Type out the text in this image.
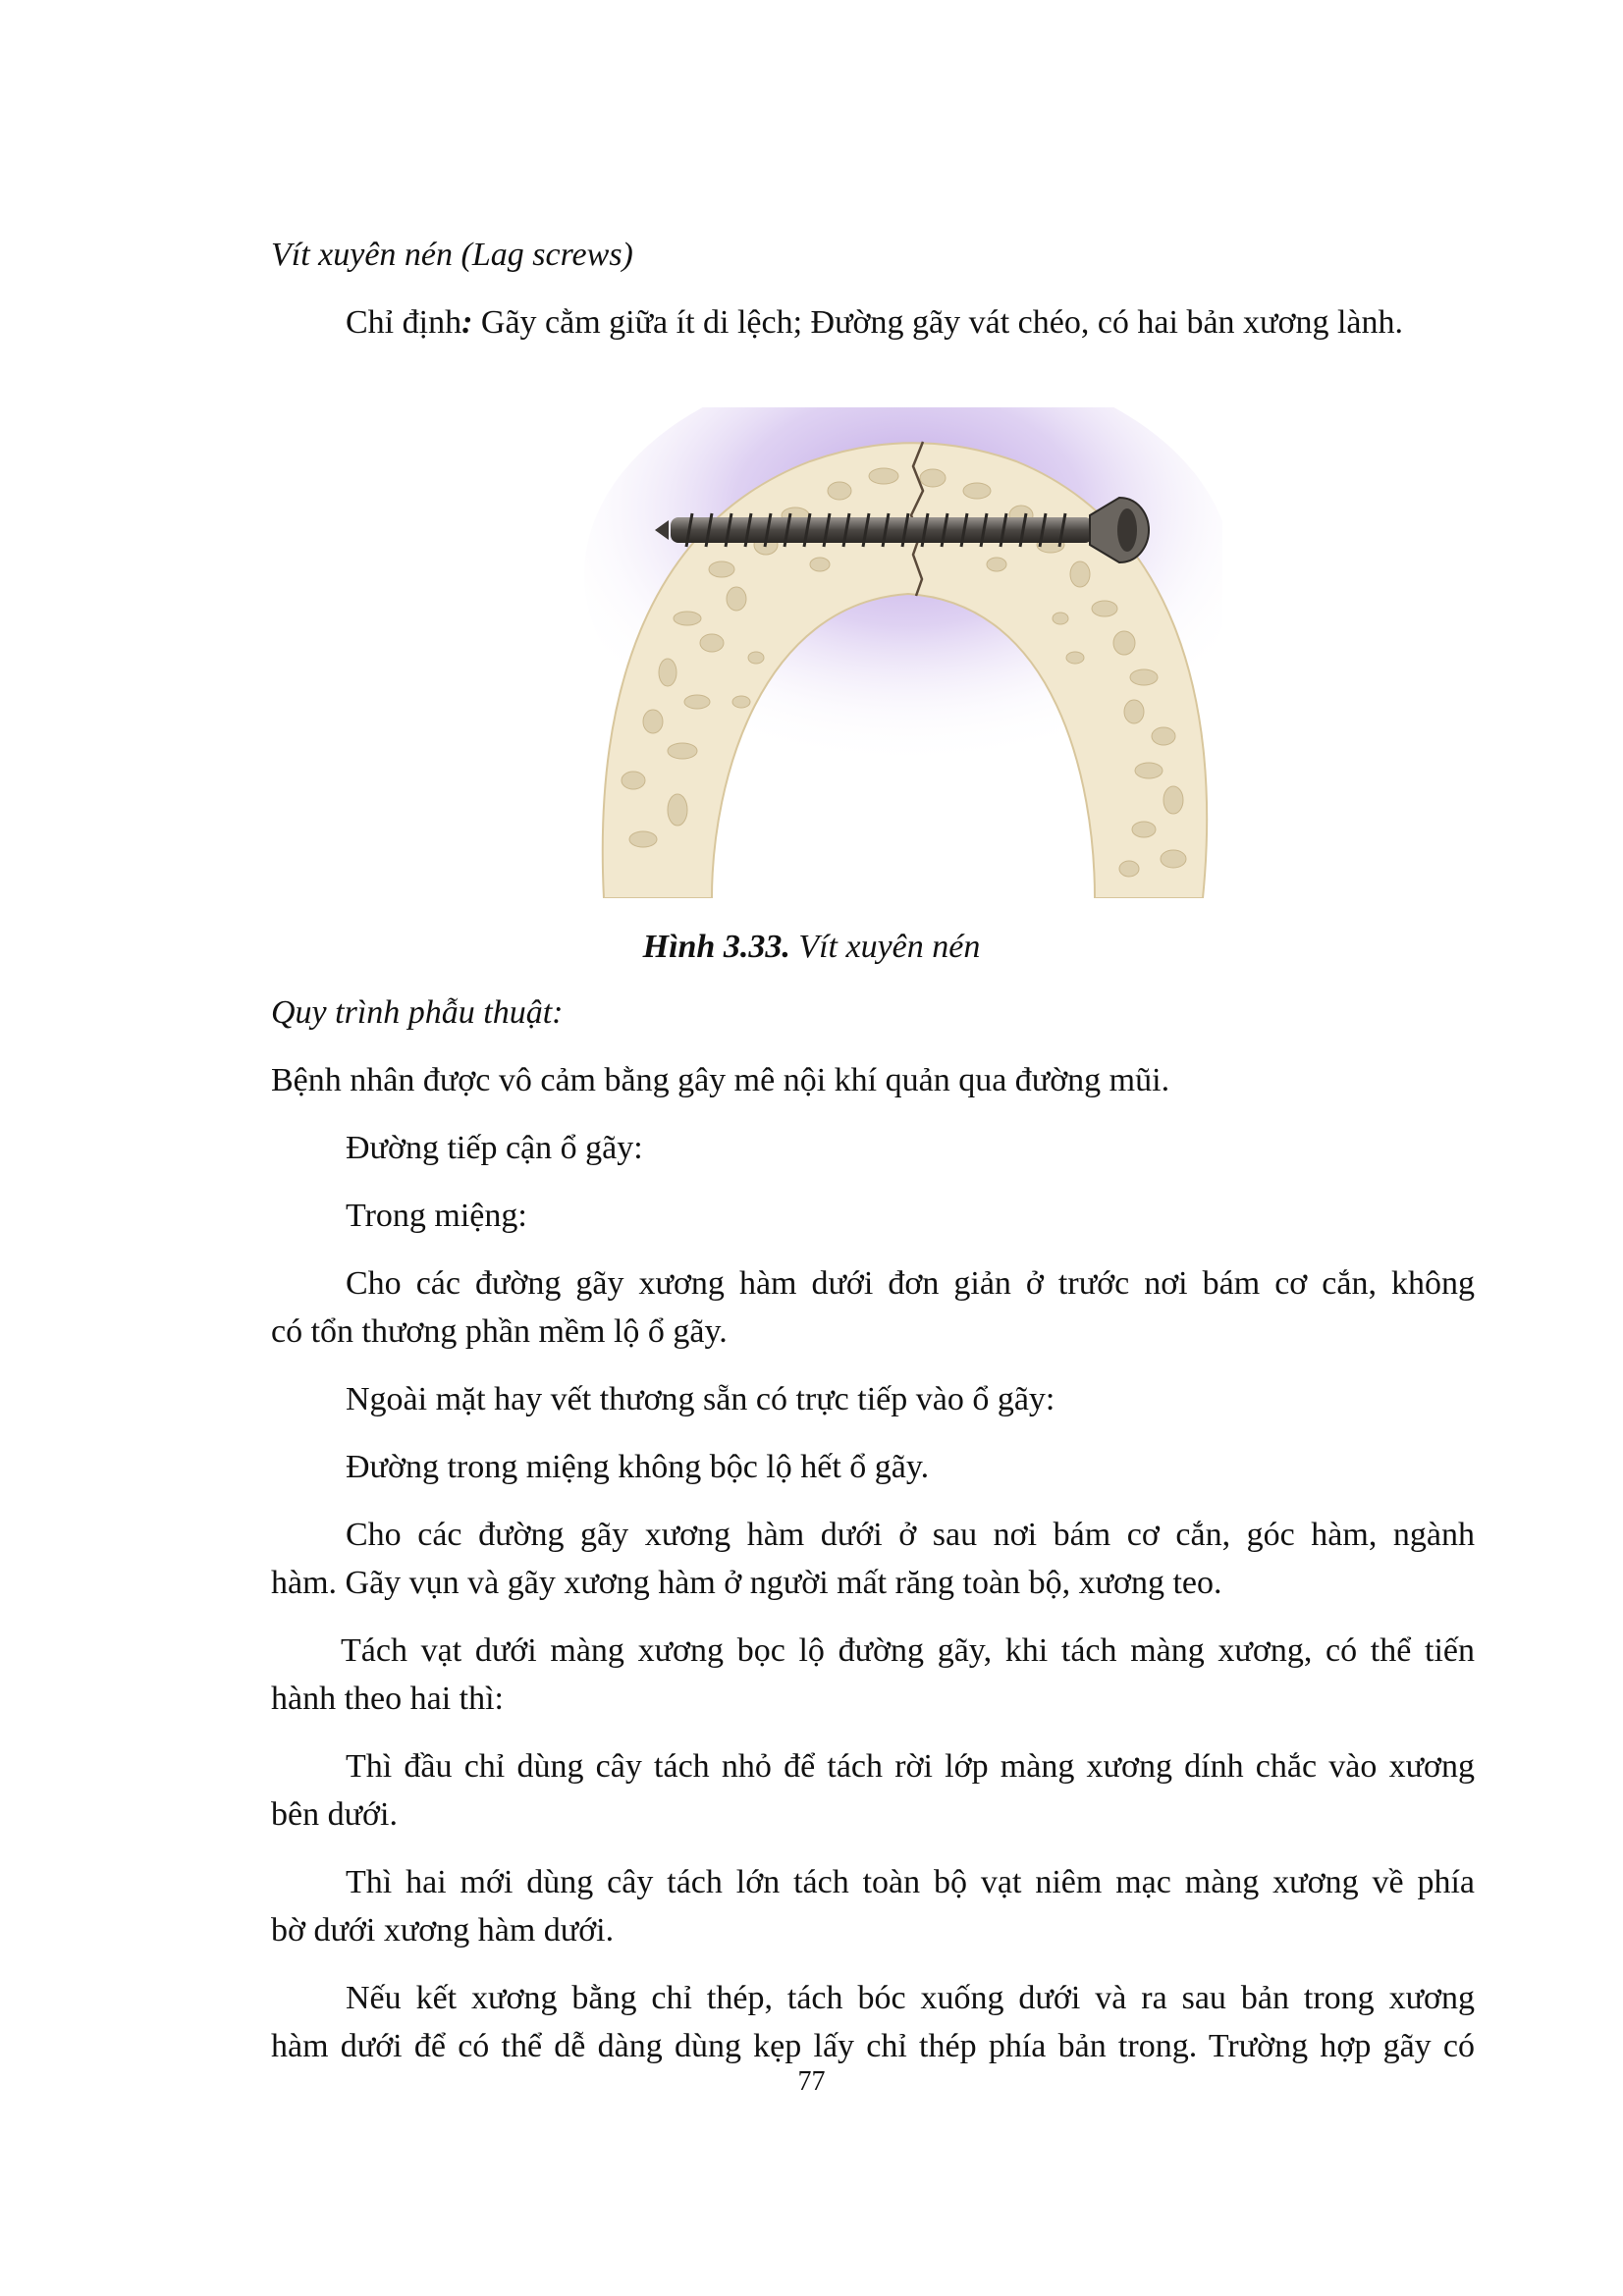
Vít xuyên nén (Lag screws)
Chỉ định: Gãy cằm giữa ít di lệch; Đường gãy vát chéo, có hai bản xương lành.
Hình 3.33. Vít xuyên nén
Quy trình phẫu thuật:
Bệnh nhân được vô cảm bằng gây mê nội khí quản qua đường mũi.
Đường tiếp cận ổ gãy:
Trong miệng:
Cho các đường gãy xương hàm dưới đơn giản ở trước nơi bám cơ cắn, không
có tổn thương phần mềm lộ ổ gãy.
Ngoài mặt hay vết thương sẵn có trực tiếp vào ổ gãy:
Đường trong miệng không bộc lộ hết ổ gãy.
Cho các đường gãy xương hàm dưới ở sau nơi bám cơ cắn, góc hàm, ngành
hàm. Gãy vụn và gãy xương hàm ở người mất răng toàn bộ, xương teo.
Tách vạt dưới màng xương bọc lộ đường gãy, khi tách màng xương, có thể tiến
hành theo hai thì:
Thì đầu chỉ dùng cây tách nhỏ để tách rời lớp màng xương dính chắc vào xương
bên dưới.
Thì hai mới dùng cây tách lớn tách toàn bộ vạt niêm mạc màng xương về phía
bờ dưới xương hàm dưới.
Nếu kết xương bằng chỉ thép, tách bóc xuống dưới và ra sau bản trong xương
hàm dưới để có thể dễ dàng dùng kẹp lấy chỉ thép phía bản trong. Trường hợp gãy có
77
